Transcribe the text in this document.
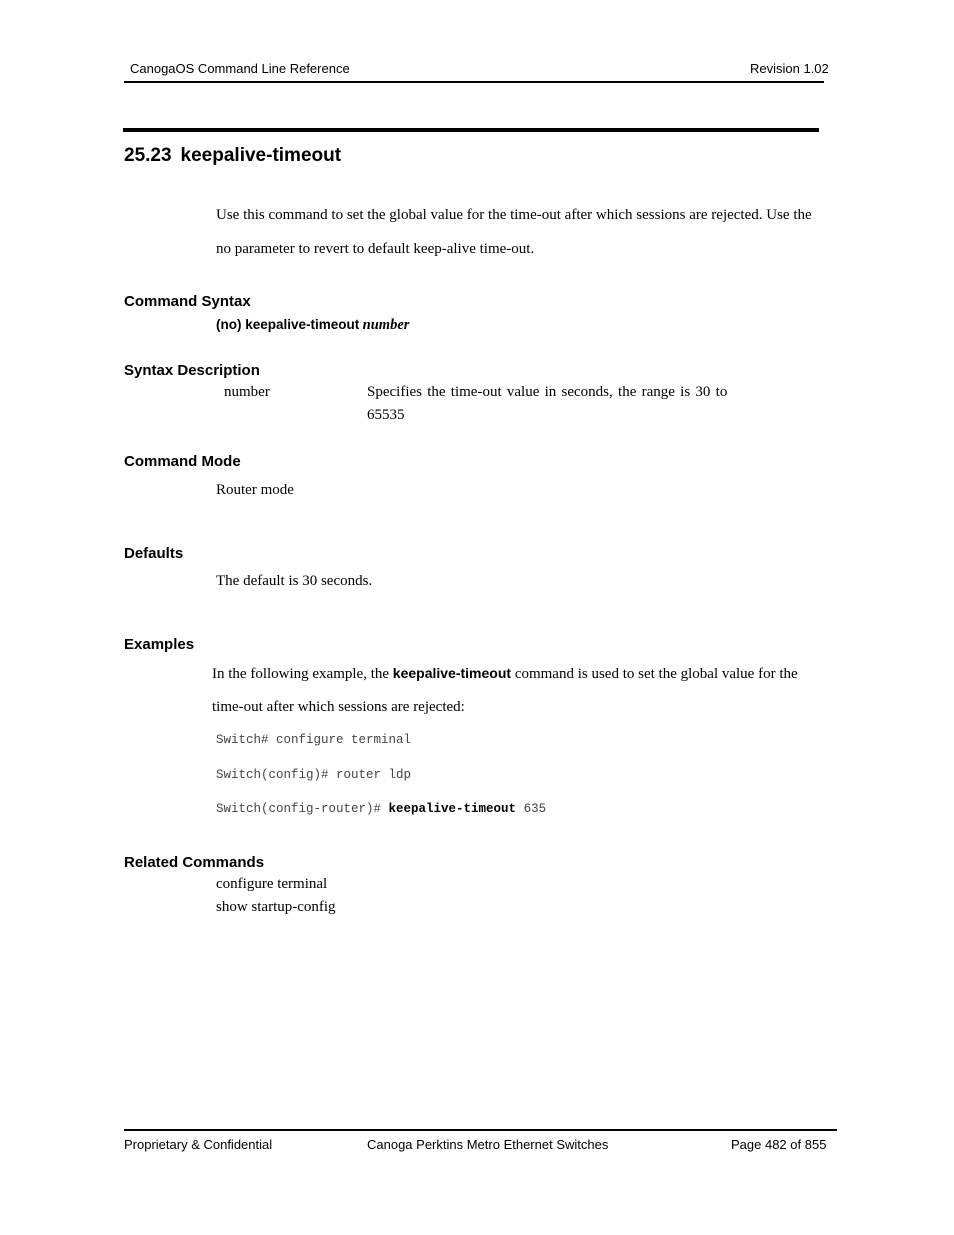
CanogaOS Command Line Reference	Revision 1.02
25.23 keepalive-timeout
Use this command to set the global value for the time-out after which sessions are rejected. Use the
no parameter to revert to default keep-alive time-out.
Command Syntax
(no) keepalive-timeout number
Syntax Description
number	Specifies the time-out value in seconds, the range is 30 to
65535
Command Mode
Router mode
Defaults
The default is 30 seconds.
Examples
In the following example, the keepalive-timeout command is used to set the global value for the
time-out after which sessions are rejected:
Switch# configure terminal
Switch(config)# router ldp
Switch(config-router)# keepalive-timeout 635
Related Commands
configure terminal
show startup-config
Proprietary & Confidential	Canoga Perktins Metro Ethernet Switches	Page 482 of 855
